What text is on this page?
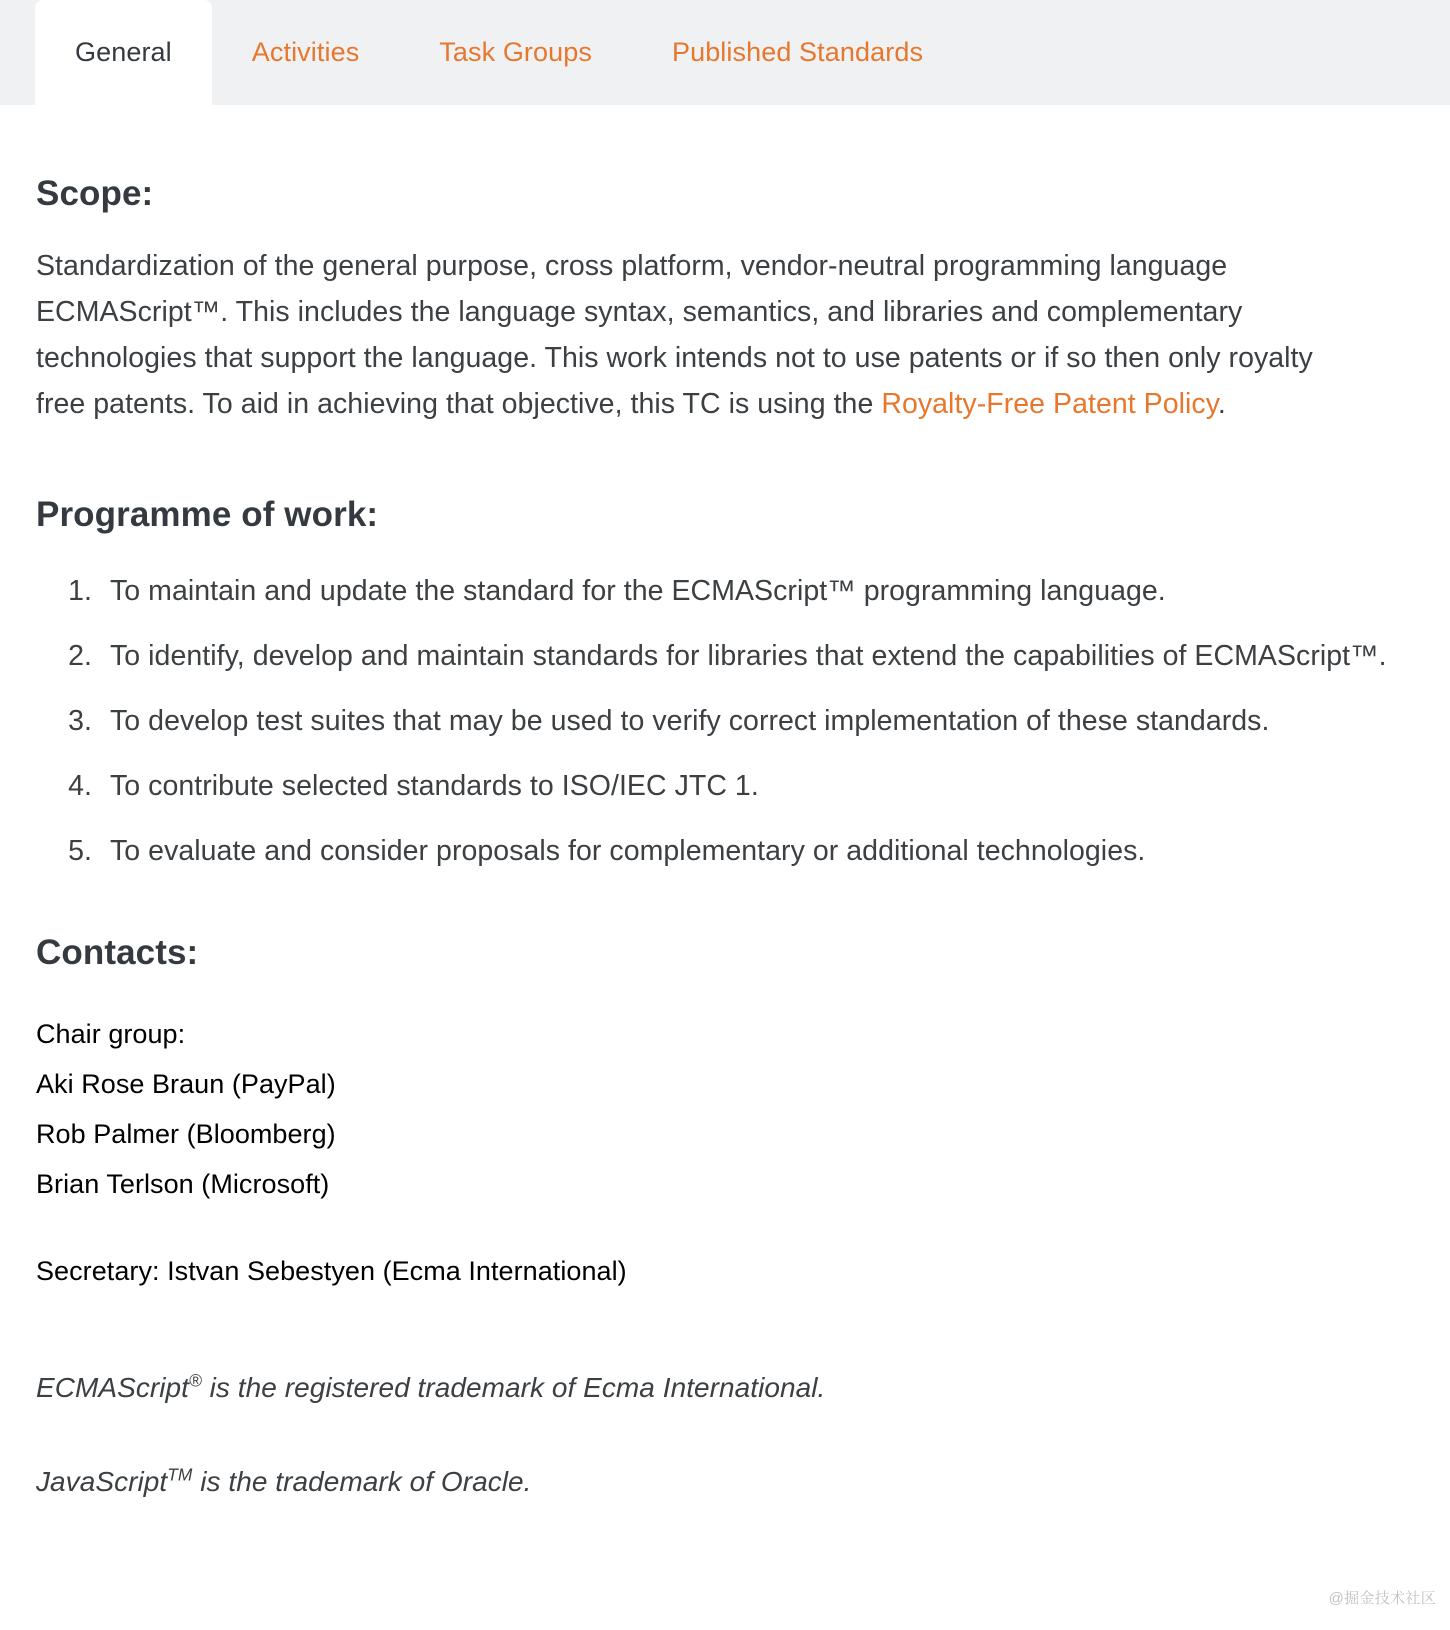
General	Activities	Task Groups	Published Standards
Scope:

Standardization of the general purpose, cross platform, vendor-neutral programming language ECMAScript™. This includes the language syntax, semantics, and libraries and complementary technologies that support the language. This work intends not to use patents or if so then only royalty free patents. To aid in achieving that objective, this TC is using the Royalty-Free Patent Policy.

Programme of work:
1. To maintain and update the standard for the ECMAScript™ programming language.
2. To identify, develop and maintain standards for libraries that extend the capabilities of ECMAScript™.
3. To develop test suites that may be used to verify correct implementation of these standards.
4. To contribute selected standards to ISO/IEC JTC 1.
5. To evaluate and consider proposals for complementary or additional technologies.
Contacts:
Chair group:
Aki Rose Braun (PayPal)
Rob Palmer (Bloomberg)
Brian Terlson (Microsoft)
Secretary: Istvan Sebestyen (Ecma International)
ECMAScript® is the registered trademark of Ecma International.
JavaScript™ is the trademark of Oracle.
@掘金技术社区
